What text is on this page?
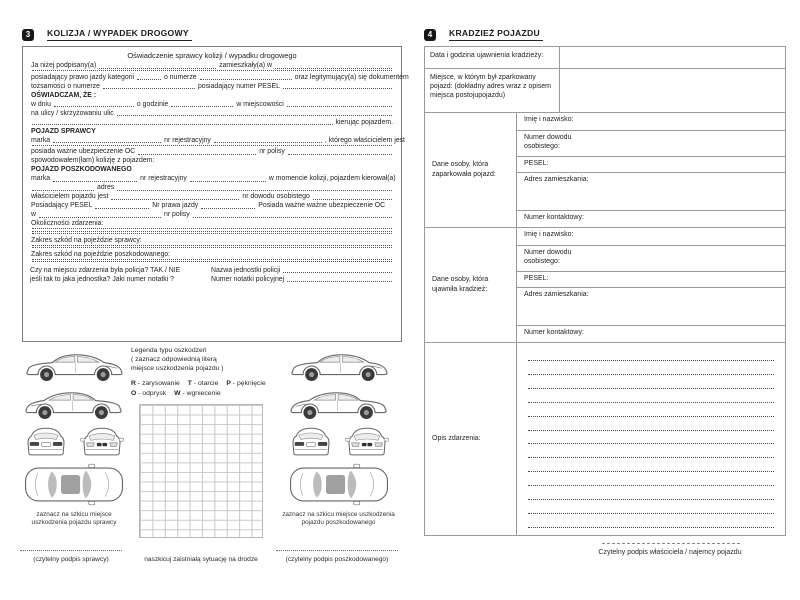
3	KOLIZJA / WYPADEK DROGOWY
Oświadczenie sprawcy kolizji / wypadku drogowego
Ja niżej podpisany(a)	zamieszkały(a) w
posiadający prawo jazdy kategorii	o numerze	oraz legitymujący(a) się dokumentem
tożsamości o numerze	posiadający numer PESEL
OŚWIADCZAM, ŻE :
w dniu	o godzinie	w miejscowości
na ulicy / skrzyżowaniu ulic
kierując pojazdem.
POJAZD SPRAWCY
marka	nr rejestracyjny	, którego właścicielem jest
posiada ważne ubezpieczenie OC	nr polisy
spowodowałem(łam) kolizję z pojazdem:
POJAZD POSZKODOWANEGO
marka	nr rejestracyjny	w momencie kolizji, pojazdem kierował(a)
adres
właścicielem pojazdu jest	nr dowodu osobistego
Posiadający PESEL	Nr prawa jazdy	Posiada ważne ważne ubezpieczenie OC
w	nr polisy
Okoliczności zdarzenia:
Zakres szkód na pojeździe sprawcy:
Zakres szkód na pojeździe poszkodowanego:
Czy na miejscu zdarzenia była policja? TAK / NIE
jeśli tak to jaka jednostka? Jaki numer notatki ?
Nazwa jednostki policji
Numer notatki policyjnej
zaznacz na szkicu miejsce uszkodzenia pojazdu sprawcy
Legenda typu oszkodzeń
( zaznacz odpowiednią literą
miejsce uszkodzenia pojazdu )
R - zarysowanie T - otarcie P - pęknięcie
O - odprysk W - wgniecenie
zaznacz na szkicu miejsce uszkodzenia pojazdu poszkodowanego
(czytelny podpis sprawcy)	naszkicuj zaistniałą sytuację na drodze	(czytelny podpis poszkodowanego)
4	KRADZIEŻ POJAZDU
Data i godzina ujawnienia kradzieży:
Miejsce, w którym był zparkowany pojazd: (dokładny adres wraz z opisem miejsca postojupojazdu)
Dane osoby, która zaparkowała pojazd:
Imię i nazwisko:
Numer dowodu osobistego:
PESEL:
Adres zamieszkania:
Numer kontaktowy:
Dane osoby, która ujawniła kradzież:
Imię i nazwisko:
Numer dowodu osobistego:
PESEL:
Adres zamieszkania:
Numer kontaktowy:
Opis zdarzenia:
Czytelny podpis właściciela / najemcy pojazdu
